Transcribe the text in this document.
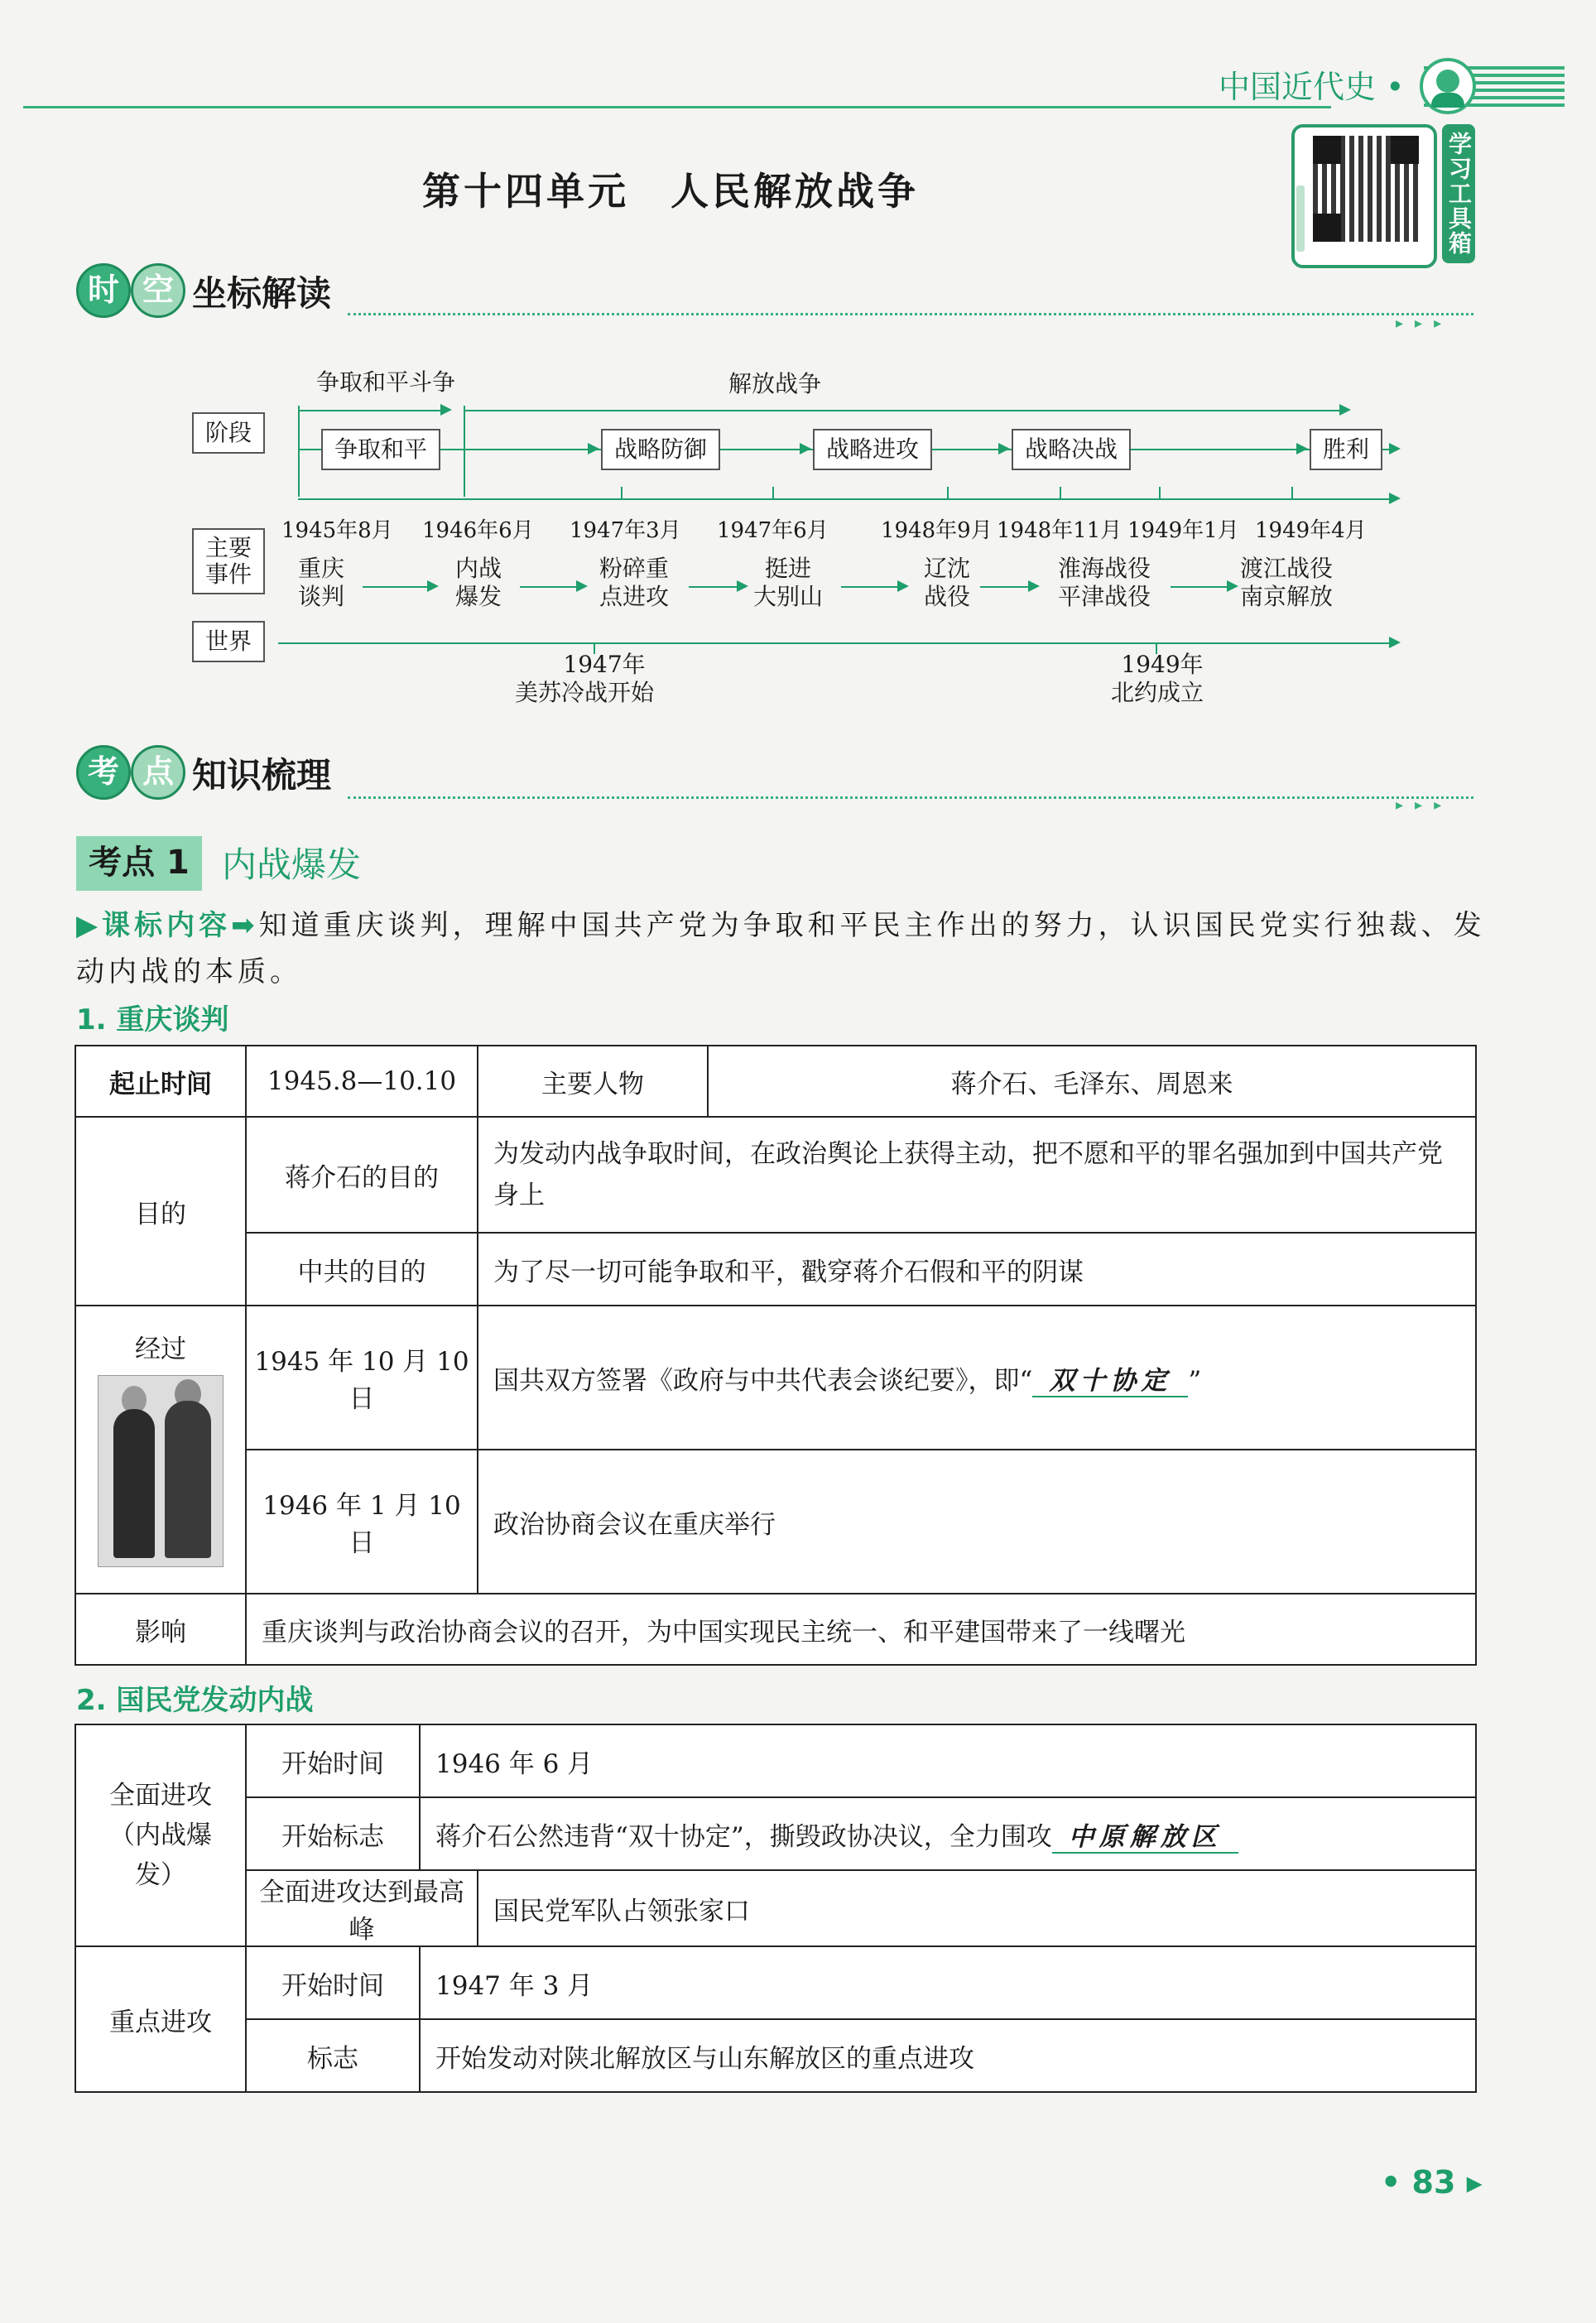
中国近代史 •
第十四单元　人民解放战争	学习工具箱
时 空 坐标解读
▸▸▸
争取和平斗争	解放战争
阶段
主要
事件
世界
争取和平	战略防御	战略进攻	战略决战	胜利
1945年8月 1946年6月 1947年3月 1947年6月 1948年9月 1948年11月 1949年1月 1949年4月
重庆
谈判
内战
爆发
粉碎重
点进攻
挺进
大别山
辽沈
战役
淮海战役
平津战役
渡江战役
南京解放
1947年
美苏冷战开始
1949年
北约成立
考 点 知识梳理
▸▸▸
考点 1 内战爆发
▶课标内容➡知道重庆谈判，理解中国共产党为争取和平民主作出的努力，认识国民党实行独裁、发动内战的本质。
1. 重庆谈判
起止时间	1945.8—10.10	主要人物	蒋介石、毛泽东、周恩来
目的	蒋介石的目的	为发动内战争取时间，在政治舆论上获得主动，把不愿和平的罪名强加到中国共产党身上	
	中共的目的	为了尽一切可能争取和平，戳穿蒋介石假和平的阴谋	

经过	1945 年 10 月 10 日	国共双方签署《政府与中共代表会谈纪要》，即“ 双十协定 ”	
	1946 年 1 月 10 日	政治协商会议在重庆举行	
影响	重庆谈判与政治协商会议的召开，为中国实现民主统一、和平建国带来了一线曙光		
2. 国民党发动内战
全面进攻
（内战爆发）	开始时间	1946 年 6 月	
	开始标志	蒋介石公然违背“双十协定”，撕毁政协决议，全力围攻 中原解放区	
	全面进攻达到最高峰		国民党军队占领张家口
重点进攻	开始时间	1947 年 3 月	
	标志	开始发动对陕北解放区与山东解放区的重点进攻	
• 83 ▸
